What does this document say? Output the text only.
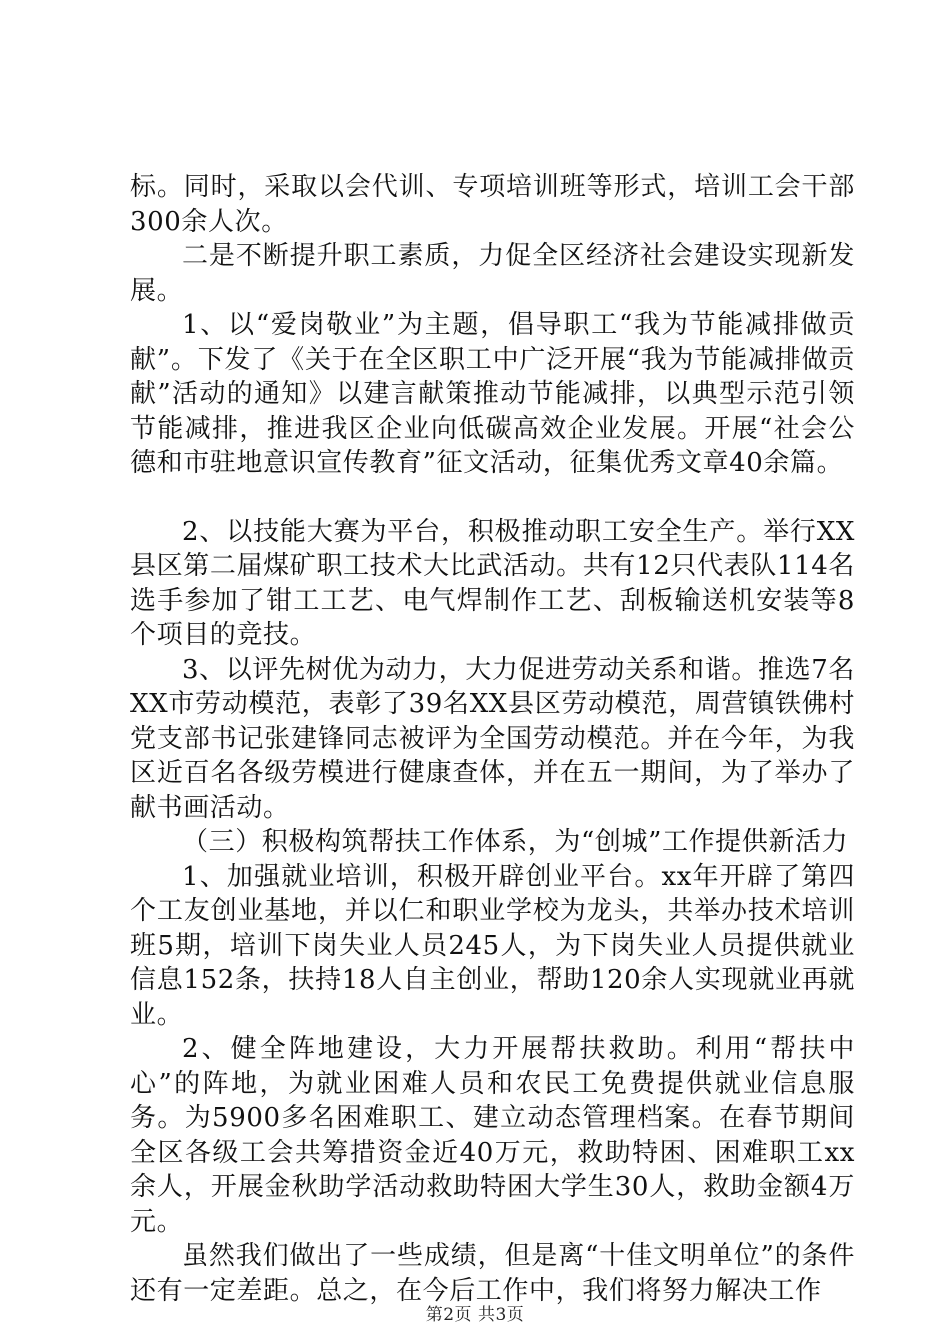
标。同时，采取以会代训、专项培训班等形式，培训工会干部300余人次。

二是不断提升职工素质，力促全区经济社会建设实现新发展。

1、以“爱岗敬业”为主题，倡导职工“我为节能减排做贡献”。下发了《关于在全区职工中广泛开展“我为节能减排做贡献”活动的通知》以建言献策推动节能减排，以典型示范引领节能减排，推进我区企业向低碳高效企业发展。开展“社会公德和市驻地意识宣传教育”征文活动，征集优秀文章40余篇。

2、以技能大赛为平台，积极推动职工安全生产。举行XX县区第二届煤矿职工技术大比武活动。共有12只代表队114名选手参加了钳工工艺、电气焊制作工艺、刮板输送机安装等8个项目的竞技。

3、以评先树优为动力，大力促进劳动关系和谐。推选7名XX市劳动模范，表彰了39名XX县区劳动模范，周营镇铁佛村党支部书记张建锋同志被评为全国劳动模范。并在今年，为我区近百名各级劳模进行健康查体，并在五一期间，为了举办了献书画活动。

（三）积极构筑帮扶工作体系，为“创城”工作提供新活力

1、加强就业培训，积极开辟创业平台。xx年开辟了第四个工友创业基地，并以仁和职业学校为龙头，共举办技术培训班5期，培训下岗失业人员245人，为下岗失业人员提供就业信息152条，扶持18人自主创业，帮助120余人实现就业再就业。

2、健全阵地建设，大力开展帮扶救助。利用“帮扶中心”的阵地，为就业困难人员和农民工免费提供就业信息服务。为5900多名困难职工、建立动态管理档案。在春节期间全区各级工会共筹措资金近40万元，救助特困、困难职工xx余人，开展金秋助学活动救助特困大学生30人，救助金额4万元。

虽然我们做出了一些成绩，但是离“十佳文明单位”的条件还有一定差距。总之，在今后工作中，我们将努力解决工作

第2页 共3页
